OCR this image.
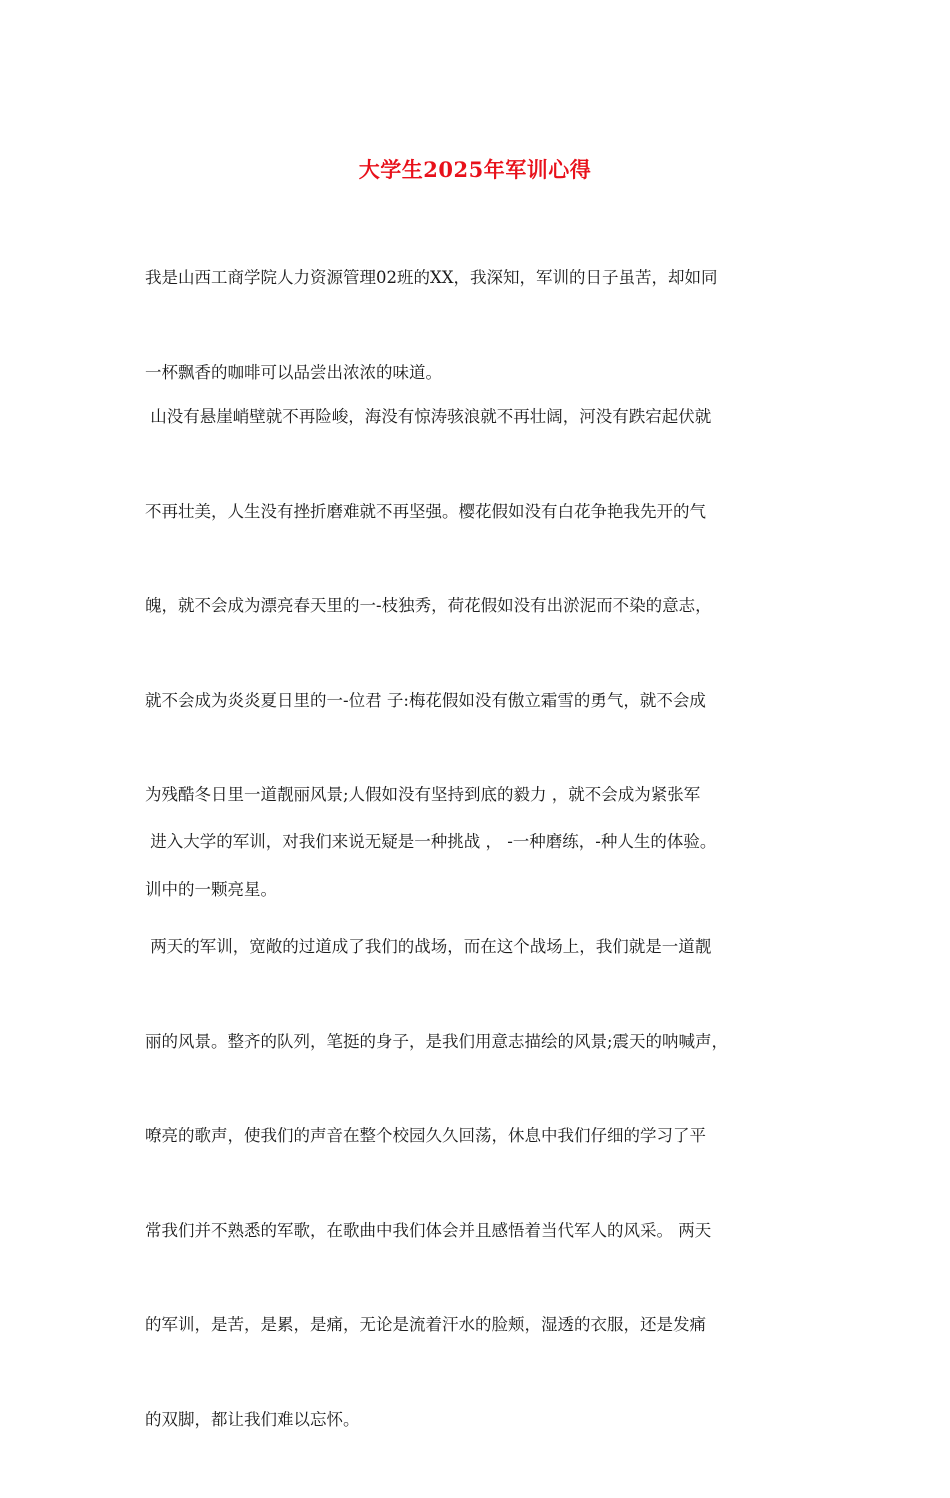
大学生2025年军训心得

我是山西工商学院人力资源管理02班的XX，我深知，军训的日子虽苦，却如同

一杯飘香的咖啡可以品尝出浓浓的味道。

山没有悬崖峭壁就不再险峻，海没有惊涛骇浪就不再壮阔，河没有跌宕起伏就

不再壮美，人生没有挫折磨难就不再坚强。樱花假如没有白花争艳我先开的气

魄，就不会成为漂亮春天里的一-枝独秀，荷花假如没有出淤泥而不染的意志，

就不会成为炎炎夏日里的一-位君 子:梅花假如没有傲立霜雪的勇气，就不会成

为残酷冬日里一道靓丽风景;人假如没有坚持到底的毅力 ，就不会成为紧张军

训中的一颗亮星。

进入大学的军训，对我们来说无疑是一种挑战 ， -一种磨练，-种人生的体验。

两天的军训，宽敞的过道成了我们的战场，而在这个战场上，我们就是一道靓

丽的风景。整齐的队列，笔挺的身子，是我们用意志描绘的风景;震天的呐喊声，

嘹亮的歌声，使我们的声音在整个校园久久回荡，休息中我们仔细的学习了平

常我们并不熟悉的军歌，在歌曲中我们体会并且感悟着当代军人的风采。 两天

的军训，是苦，是累，是痛，无论是流着汗水的脸颊，湿透的衣服，还是发痛

的双脚，都让我们难以忘怀。
